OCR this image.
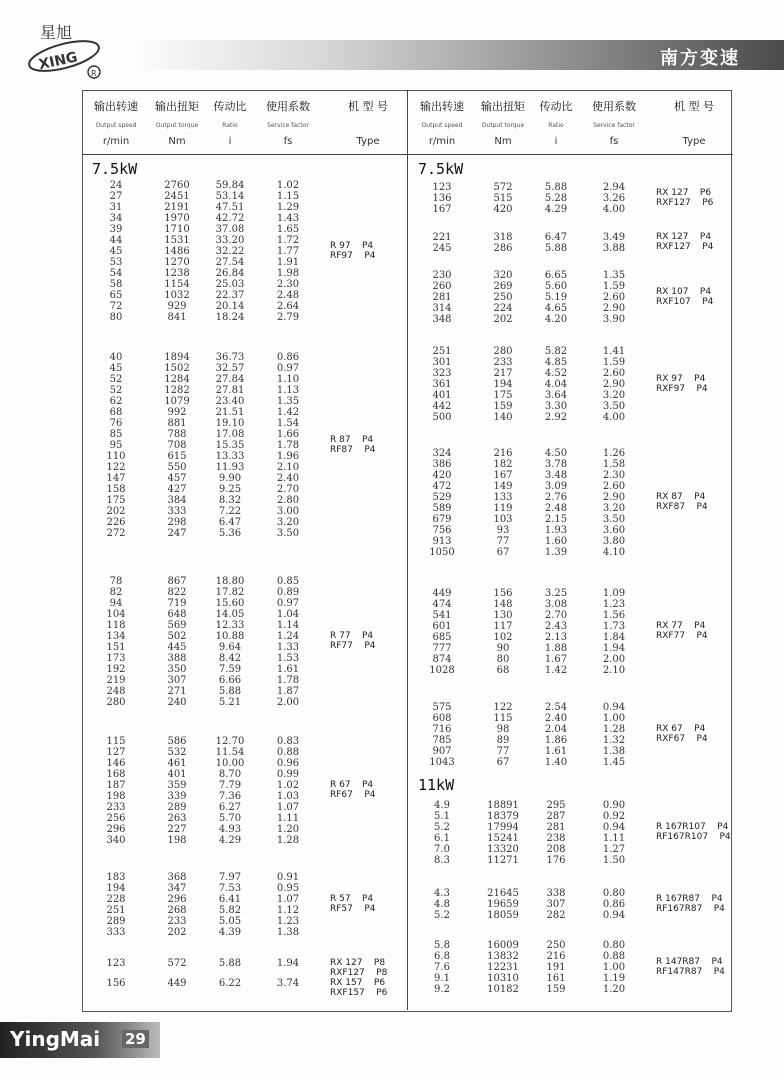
星旭
XING
R
南方变速
输出转速
Output speed
r/min
输出扭矩
Output torque
Nm
传动比
Ratio
i
使用系数
Service factor
fs
机 型 号
Type
7.5kW
24	2760	59.84	1.02
27	2451	53.14	1.15
31	2191	47.51	1.29
34	1970	42.72	1.43
39	1710	37.08	1.65
44	1531	33.20	1.72
45	1486	32.22	1.77
53	1270	27.54	1.91
54	1238	26.84	1.98
58	1154	25.03	2.30
65	1032	22.37	2.48
72	929	20.14	2.64
80	841	18.24	2.79
R 97    P4
RF97    P4
40	1894	36.73	0.86
45	1502	32.57	0.97
52	1284	27.84	1.10
52	1282	27.81	1.13
62	1079	23.40	1.35
68	992	21.51	1.42
76	881	19.10	1.54
85	788	17.08	1.66
95	708	15.35	1.78
110	615	13.33	1.96
122	550	11.93	2.10
147	457	9.90	2.40
158	427	9.25	2.70
175	384	8.32	2.80
202	333	7.22	3.00
226	298	6.47	3.20
272	247	5.36	3.50
R 87    P4
RF87    P4
78	867	18.80	0.85
82	822	17.82	0.89
94	719	15.60	0.97
104	648	14.05	1.04
118	569	12.33	1.14
134	502	10.88	1.24
151	445	9.64	1.33
173	388	8.42	1.53
192	350	7.59	1.61
219	307	6.66	1.78
248	271	5.88	1.87
280	240	5.21	2.00
R 77    P4
RF77    P4
115	586	12.70	0.83
127	532	11.54	0.88
146	461	10.00	0.96
168	401	8.70	0.99
187	359	7.79	1.02
198	339	7.36	1.03
233	289	6.27	1.07
256	263	5.70	1.11
296	227	4.93	1.20
340	198	4.29	1.28
R 67    P4
RF67    P4
183	368	7.97	0.91
194	347	7.53	0.95
228	296	6.41	1.07
251	268	5.82	1.12
289	233	5.05	1.23
333	202	4.39	1.38
R 57    P4
RF57    P4
123	572	5.88	1.94	RX 127    P8
RXF127    P8
156	449	6.22	3.74	RX 157    P6
RXF157    P6
输出转速
Output speed
r/min
输出扭矩
Output torque
Nm
传动比
Ratio
i
使用系数
Service factor
fs
机 型 号
Type
7.5kW
11kW
123	572	5.88	2.94
136	515	5.28	3.26
167	420	4.29	4.00
RX 127    P6
RXF127    P6
221	318	6.47	3.49
245	286	5.88	3.88
RX 127    P4
RXF127    P4
230	320	6.65	1.35
260	269	5.60	1.59
281	250	5.19	2.60
314	224	4.65	2.90
348	202	4.20	3.90
RX 107    P4
RXF107    P4
251	280	5.82	1.41
301	233	4.85	1.59
323	217	4.52	2.60
361	194	4.04	2.90
401	175	3.64	3.20
442	159	3.30	3.50
500	140	2.92	4.00
RX 97    P4
RXF97    P4
324	216	4.50	1.26
386	182	3.78	1.58
420	167	3.48	2.30
472	149	3.09	2.60
529	133	2.76	2.90
589	119	2.48	3.20
679	103	2.15	3.50
756	93	1.93	3.60
913	77	1.60	3.80
1050	67	1.39	4.10
RX 87    P4
RXF87    P4
449	156	3.25	1.09
474	148	3.08	1.23
541	130	2.70	1.56
601	117	2.43	1.73
685	102	2.13	1.84
777	90	1.88	1.94
874	80	1.67	2.00
1028	68	1.42	2.10
RX 77    P4
RXF77    P4
575	122	2.54	0.94
608	115	2.40	1.00
716	98	2.04	1.28
785	89	1.86	1.32
907	77	1.61	1.38
1043	67	1.40	1.45
RX 67    P4
RXF67    P4
4.9	18891	295	0.90
5.1	18379	287	0.92
5.2	17994	281	0.94
6.1	15241	238	1.11
7.0	13320	208	1.27
8.3	11271	176	1.50
R 167R107    P4
RF167R107    P4
4.3	21645	338	0.80
4.8	19659	307	0.86
5.2	18059	282	0.94
R 167R87    P4
RF167R87    P4
5.8	16009	250	0.80
6.8	13832	216	0.88
7.6	12231	191	1.00
9.1	10310	161	1.19
9.2	10182	159	1.20
R 147R87    P4
RF147R87    P4
YingMai 29
